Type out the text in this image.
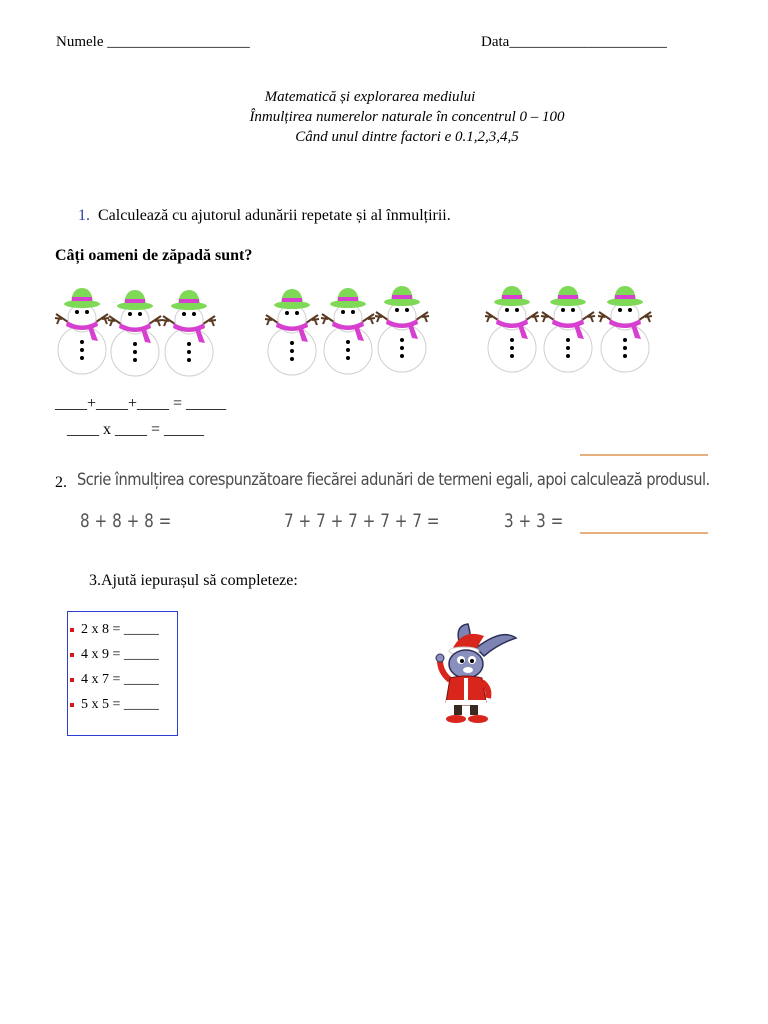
Numele ___________________	Data_____________________
Matematică și explorarea mediului
Înmulțirea numerelor naturale în concentrul 0 – 100
Când unul dintre factori e 0.1,2,3,4,5
1. Calculează cu ajutorul adunării repetate și al înmulțirii.
Câți oameni de zăpadă sunt?
____+____+____ = _____
____ x ____ = _____
2. Scrie înmulțirea corespunzătoare fiecărei adunări de termeni egali, apoi calculează produsul.
8 + 8 + 8 =	7 + 7 + 7 + 7 + 7 =	3 + 3 =
3.Ajută iepurașul să completeze:
2 x 8 = _____
4 x 9 = _____
4 x 7 = _____
5 x 5 = _____
